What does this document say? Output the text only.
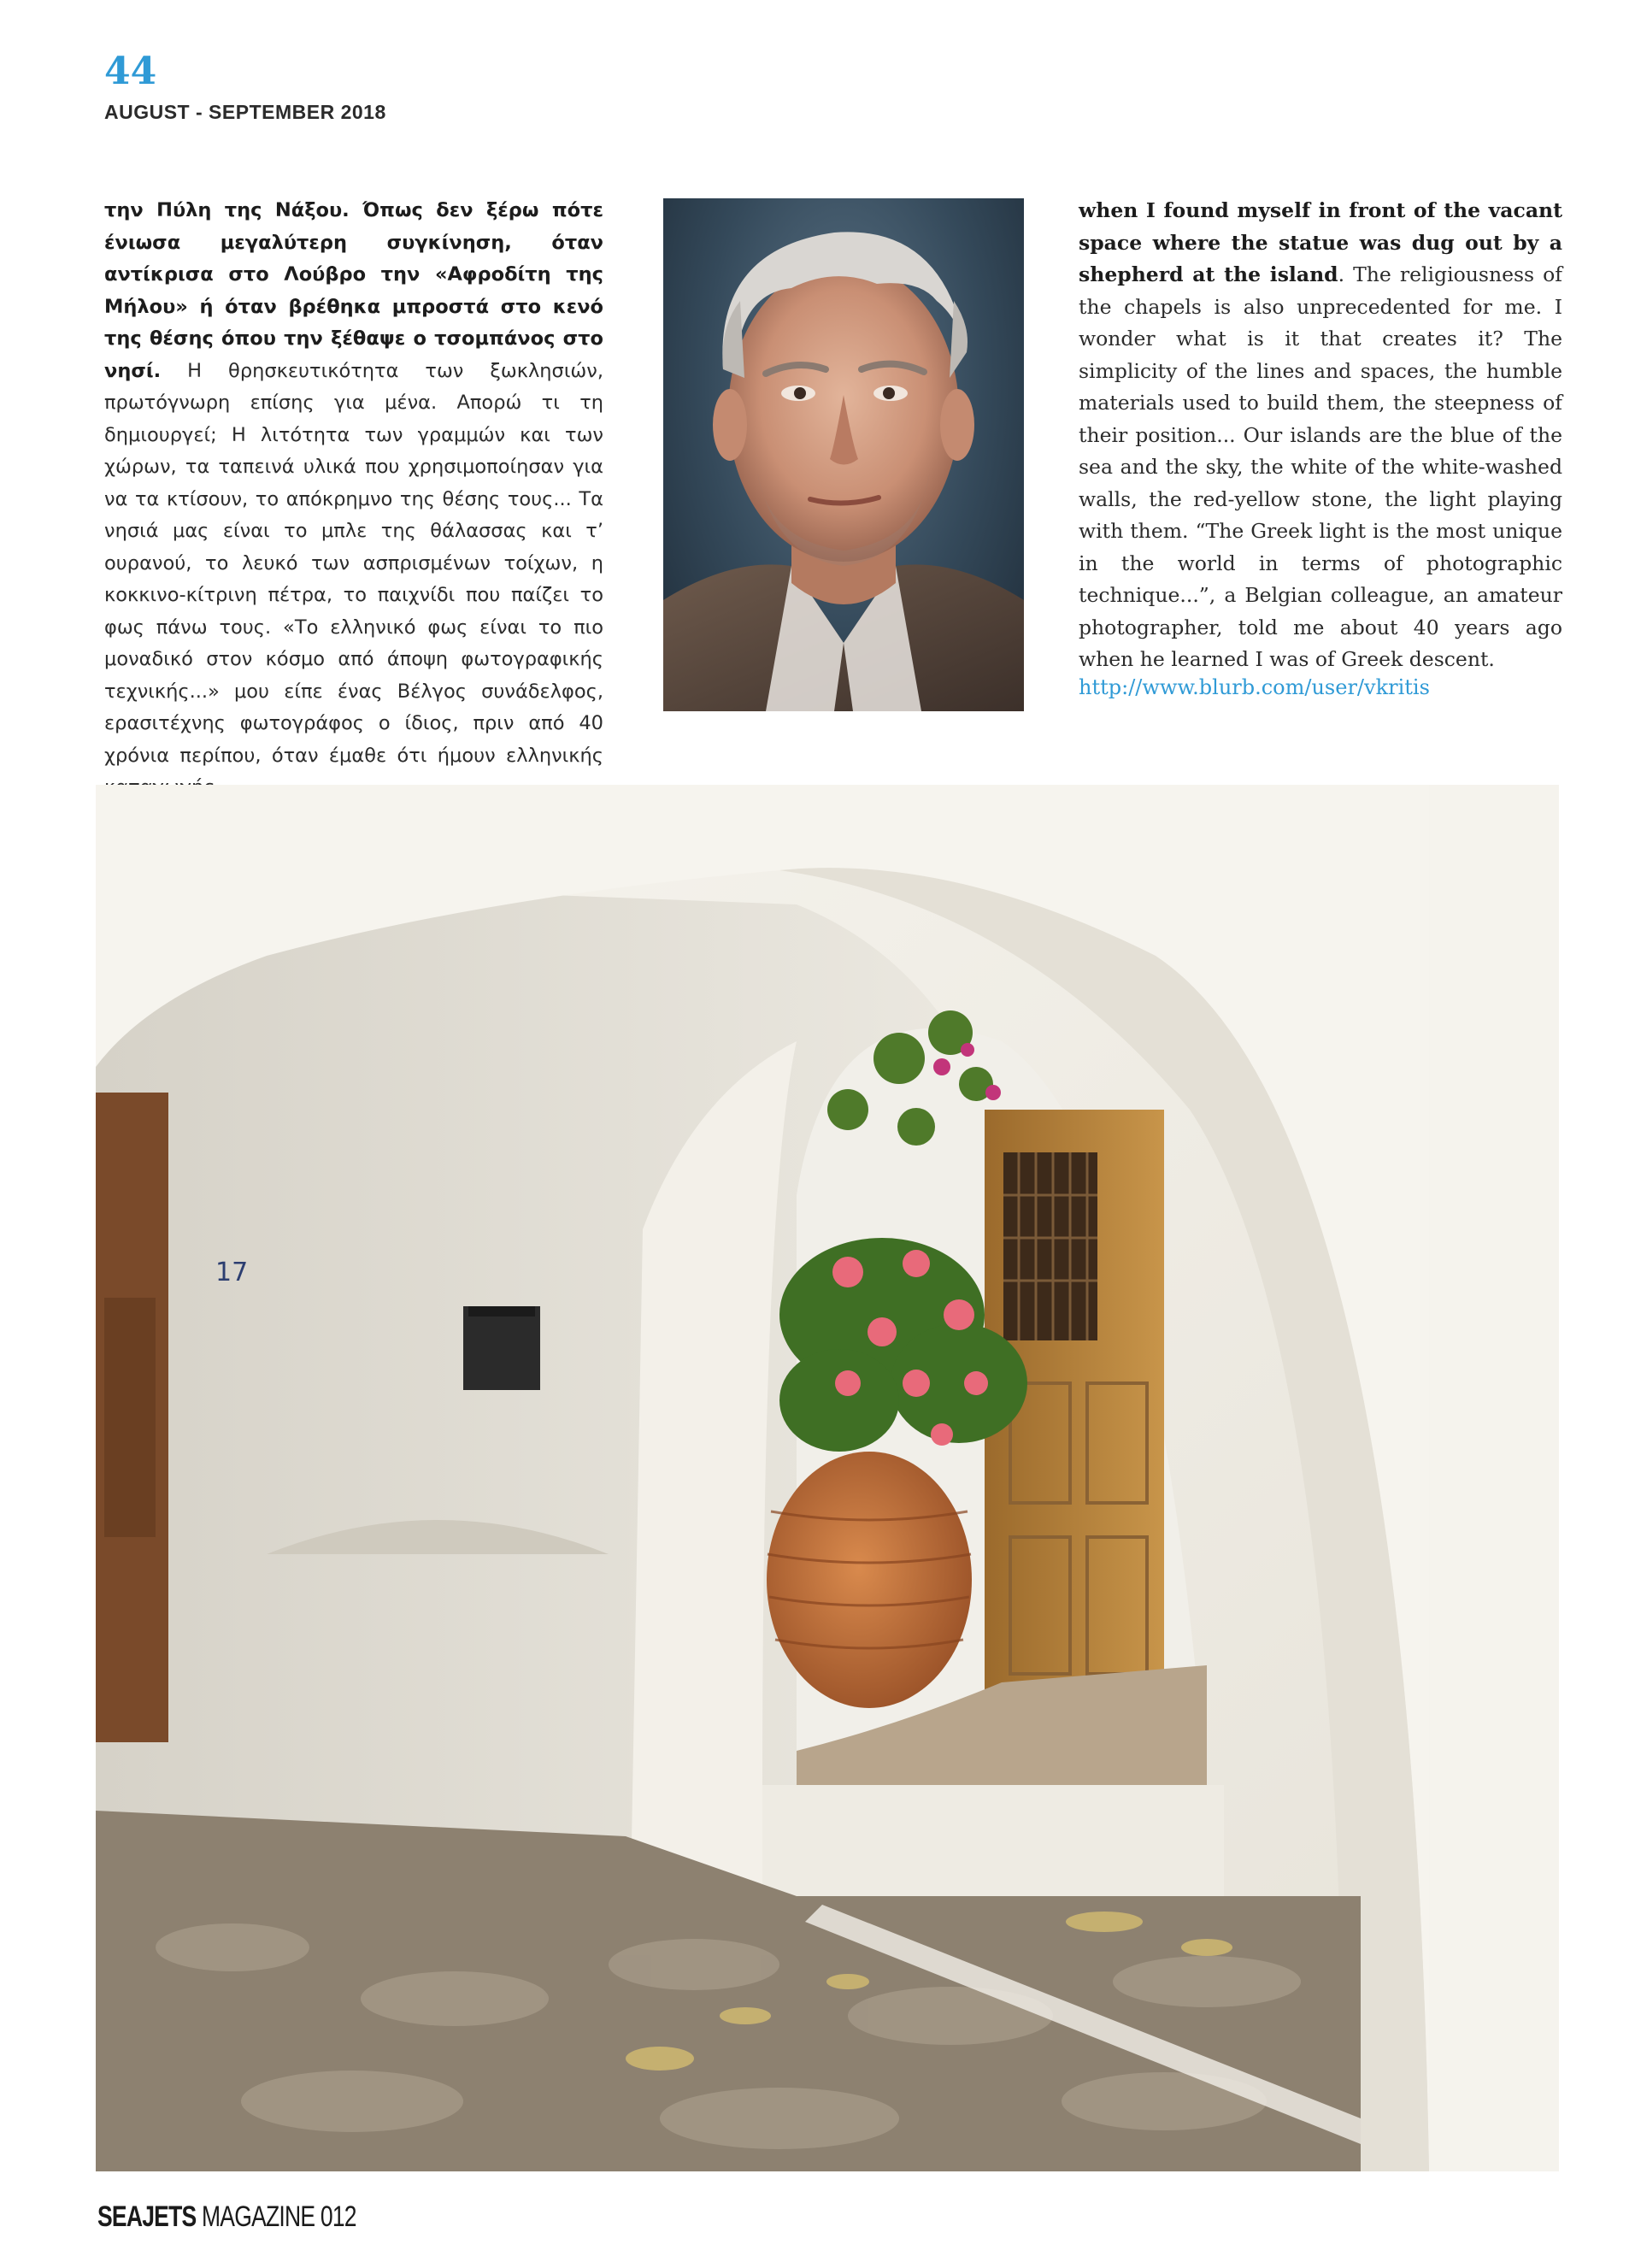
44
AUGUST - SEPTEMBER 2018
την Πύλη της Νάξου. Όπως δεν ξέρω πότε ένιωσα μεγαλύτερη συγκίνηση, όταν αντίκρισα στο Λούβρο την «Αφροδίτη της Μήλου» ή όταν βρέθηκα μπροστά στο κενό της θέσης όπου την ξέθαψε ο τσομπάνος στο νησί. Η θρησκευτικότητα των ξωκλησιών, πρωτόγνωρη επίσης για μένα. Απορώ τι τη δημιουργεί; Η λιτότητα των γραμμών και των χώρων, τα ταπεινά υλικά που χρησιμοποίησαν για να τα κτίσουν, το απόκρημνο της θέσης τους... Τα νησιά μας είναι το μπλε της θάλασσας και τ’ ουρανού, το λευκό των ασπρισμένων τοίχων, η κοκκινο-κίτρινη πέτρα, το παιχνίδι που παίζει το φως πάνω τους. «Το ελληνικό φως είναι το πιο μοναδικό στον κόσμο από άποψη φωτογραφικής τεχνικής...» μου είπε ένας Βέλγος συνάδελφος, ερασιτέχνης φωτογράφος ο ίδιος, πριν από 40 χρόνια περίπου, όταν έμαθε ότι ήμουν ελληνικής
when I found myself in front of the vacant space where the statue was dug out by a shepherd at the island. The religiousness of the chapels is also unprecedented for me. I wonder what is it that creates it? The simplicity of the lines and spaces, the humble materials used to build them, the steepness of their position... Our islands are the blue of the sea and the sky, the white of the white-washed walls, the red-yellow stone, the light playing with them. “The Greek light is the most unique in the world in terms of photographic technique...”, a Belgian colleague, an amateur photographer, told me about 40 years ago when he learned I was of Greek descent.
http://www.blurb.com/user/vkritis
17
SEAJETS MAGAZINE 012
